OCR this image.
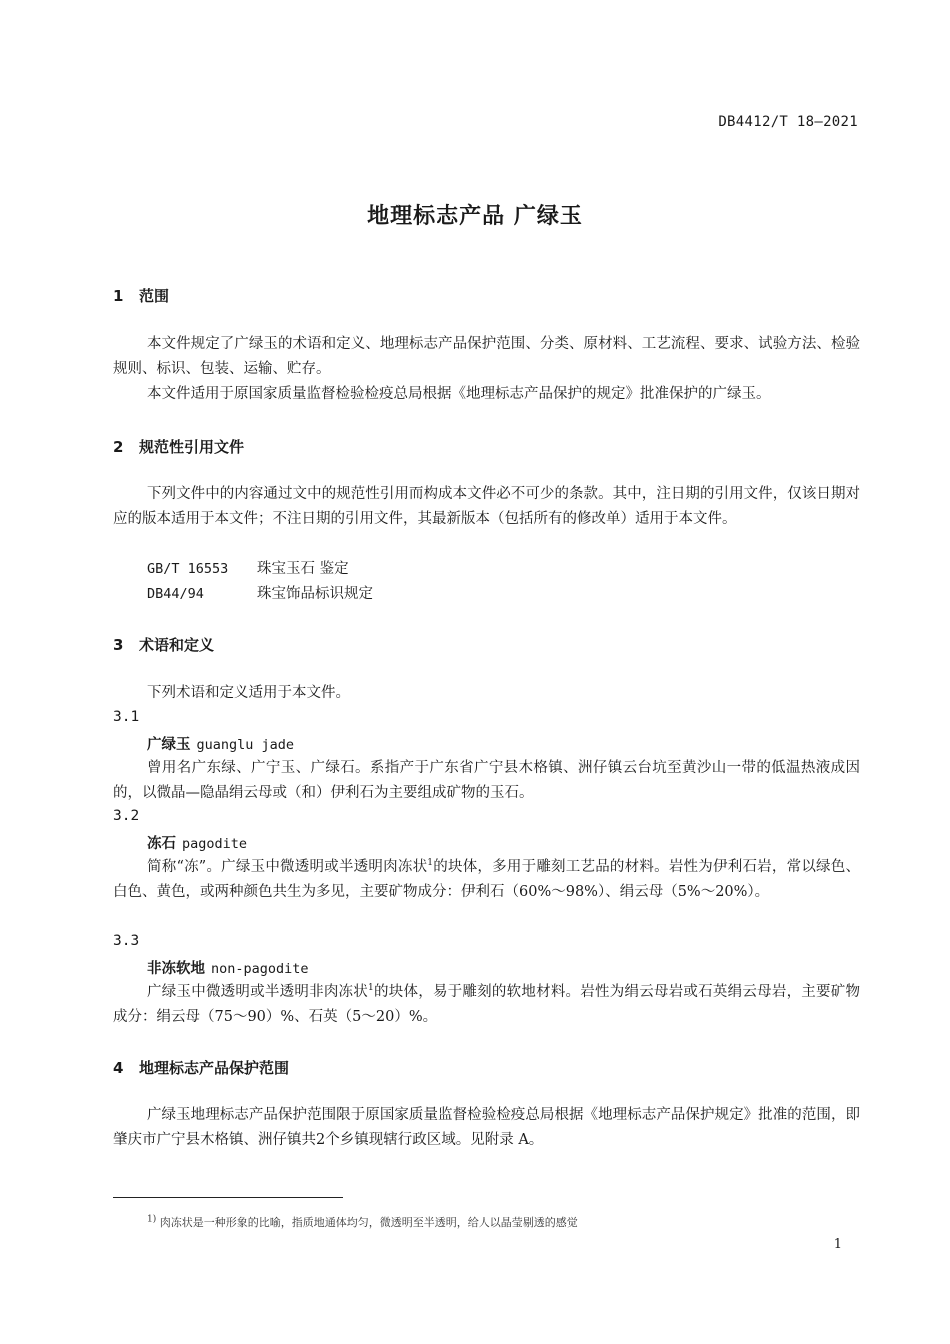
DB4412/T 18—2021
地理标志产品 广绿玉
1 范围
本文件规定了广绿玉的术语和定义、地理标志产品保护范围、分类、原材料、工艺流程、要求、试验方法、检验规则、标识、包装、运输、贮存。
本文件适用于原国家质量监督检验检疫总局根据《地理标志产品保护的规定》批准保护的广绿玉。
2 规范性引用文件
下列文件中的内容通过文中的规范性引用而构成本文件必不可少的条款。其中，注日期的引用文件，仅该日期对应的版本适用于本文件；不注日期的引用文件，其最新版本（包括所有的修改单）适用于本文件。
GB/T 16553 珠宝玉石 鉴定
DB44/94	珠宝饰品标识规定
3 术语和定义
下列术语和定义适用于本文件。
3.1
广绿玉 guanglu jade
曾用名广东绿、广宁玉、广绿石。系指产于广东省广宁县木格镇、洲仔镇云台坑至黄沙山一带的低温热液成因的，以微晶—隐晶绢云母或（和）伊利石为主要组成矿物的玉石。
3.2
冻石 pagodite
简称“冻”。广绿玉中微透明或半透明肉冻状$^1$的块体，多用于雕刻工艺品的材料。岩性为伊利石岩，常以绿色、白色、黄色，或两种颜色共生为多见，主要矿物成分：伊利石（60%～98%）、绢云母（5%～20%）。
3.3
非冻软地 non-pagodite
广绿玉中微透明或半透明非肉冻状$^1$的块体，易于雕刻的软地材料。岩性为绢云母岩或石英绢云母岩，主要矿物成分：绢云母（75～90）%、石英（5～20）%。
4 地理标志产品保护范围
广绿玉地理标志产品保护范围限于原国家质量监督检验检疫总局根据《地理标志产品保护规定》批准的范围，即肇庆市广宁县木格镇、洲仔镇共2个乡镇现辖行政区域。见附录 A。
$^{1)}$ 肉冻状是一种形象的比喻，指质地通体均匀，微透明至半透明，给人以晶莹剔透的感觉
1
